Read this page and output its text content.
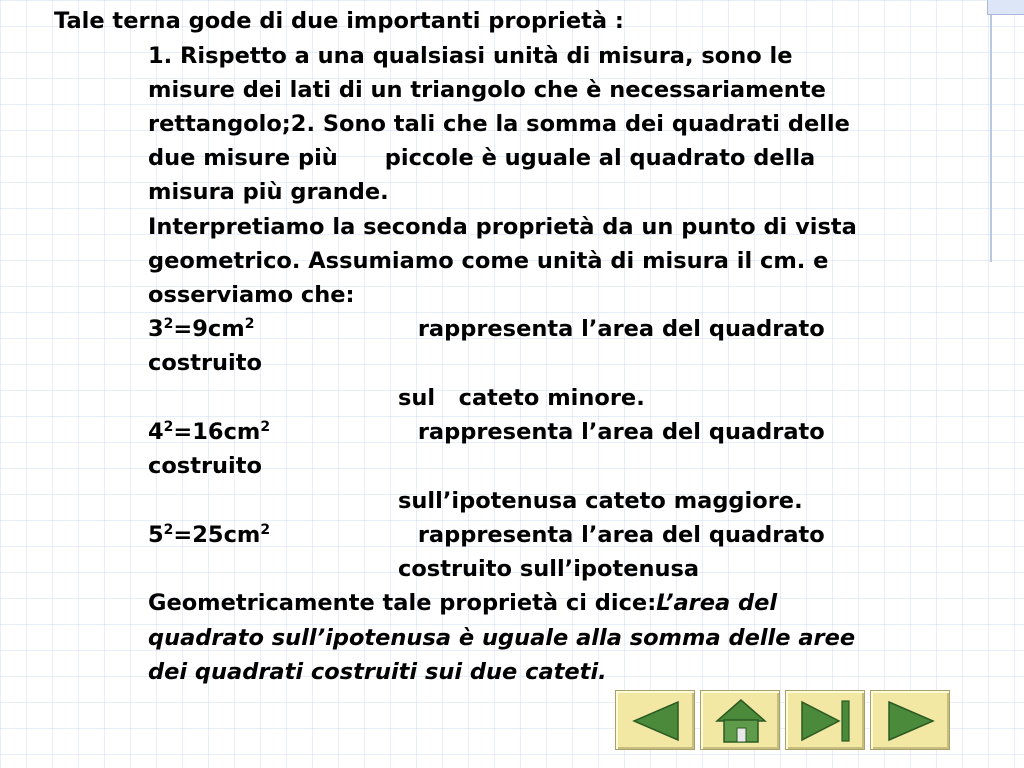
Tale terna gode di due importanti proprietà :
1. Rispetto a una qualsiasi unità di misura, sono le
misure dei lati di un triangolo che è necessariamente
rettangolo;2. Sono tali che la somma dei quadrati delle
due misure più      piccole è uguale al quadrato della
misura più grande.
Interpretiamo la seconda proprietà da un punto di vista
geometrico. Assumiamo come unità di misura il cm. e
osserviamo che:
$3^2=9cm^2$	rappresenta l’area del quadrato
costruito
sul   cateto minore.
$4^2=16cm^2$	rappresenta l’area del quadrato
costruito
sull’ipotenusa cateto maggiore.
$5^2=25cm^2$	rappresenta l’area del quadrato
costruito sull’ipotenusa
Geometricamente tale proprietà ci dice:L’area del
quadrato sull’ipotenusa è uguale alla somma delle aree
dei quadrati costruiti sui due cateti.
